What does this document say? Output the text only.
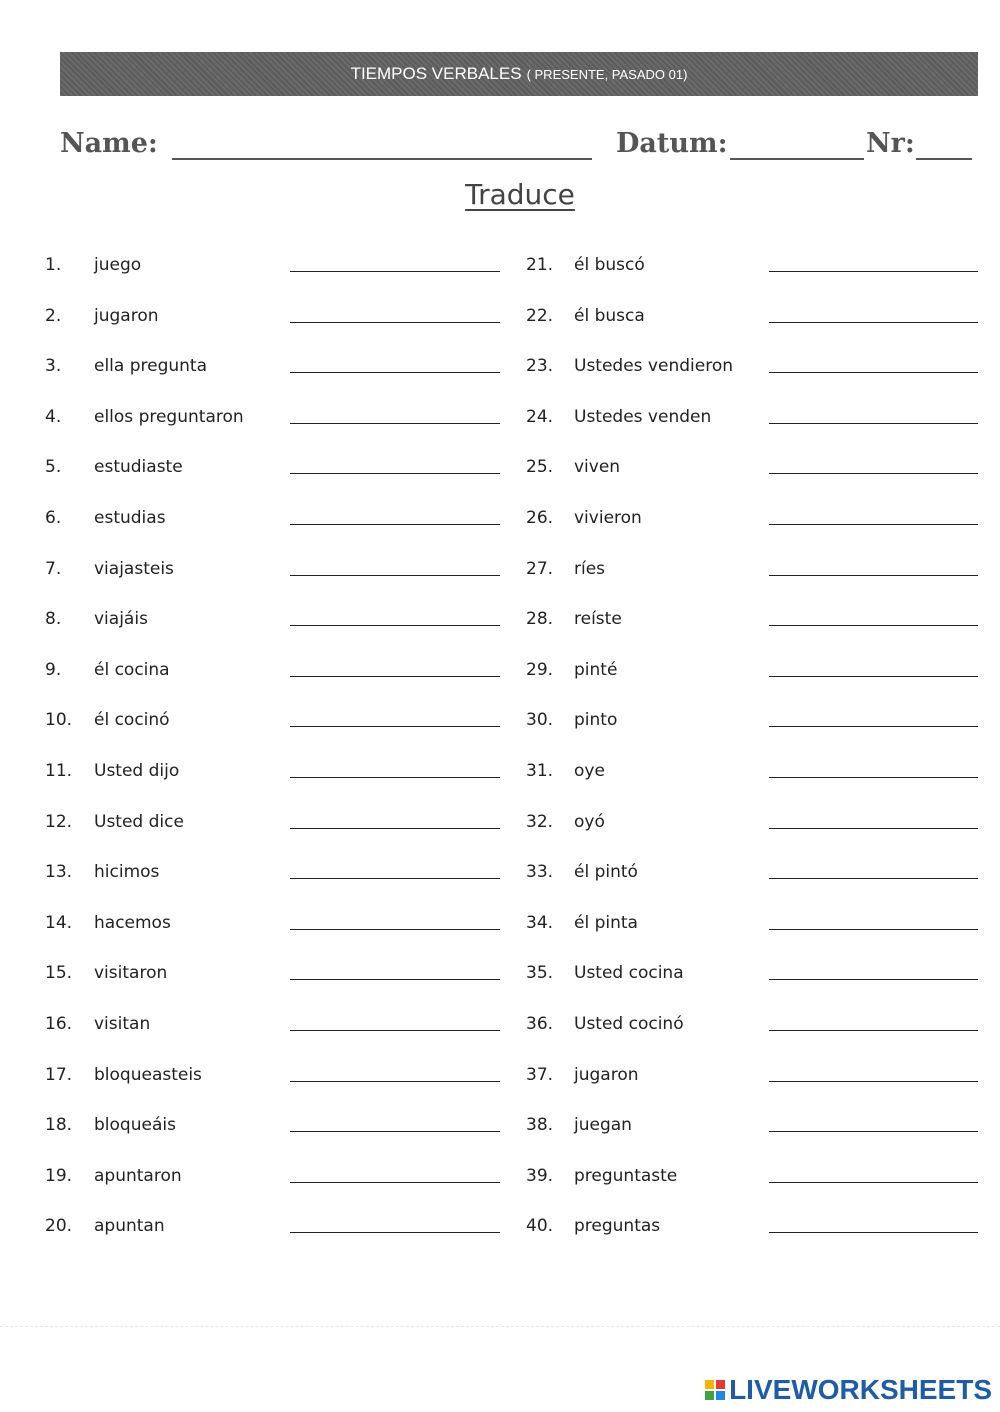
TIEMPOS VERBALES ( PRESENTE, PASADO 01)
Name:	Datum:	Nr:
Traduce
1. juego
2. jugaron
3. ella pregunta
4. ellos preguntaron
5. estudiaste
6. estudias
7. viajasteis
8. viajáis
9. él cocina
10. él cocinó
11. Usted dijo
12. Usted dice
13. hicimos
14. hacemos
15. visitaron
16. visitan
17. bloqueasteis
18. bloqueáis
19. apuntaron
20. apuntan
21. él buscó
22. él busca
23. Ustedes vendieron
24. Ustedes venden
25. viven
26. vivieron
27. ríes
28. reíste
29. pinté
30. pinto
31. oye
32. oyó
33. él pintó
34. él pinta
35. Usted cocina
36. Usted cocinó
37. jugaron
38. juegan
39. preguntaste
40. preguntas
LIVEWORKSHEETS
